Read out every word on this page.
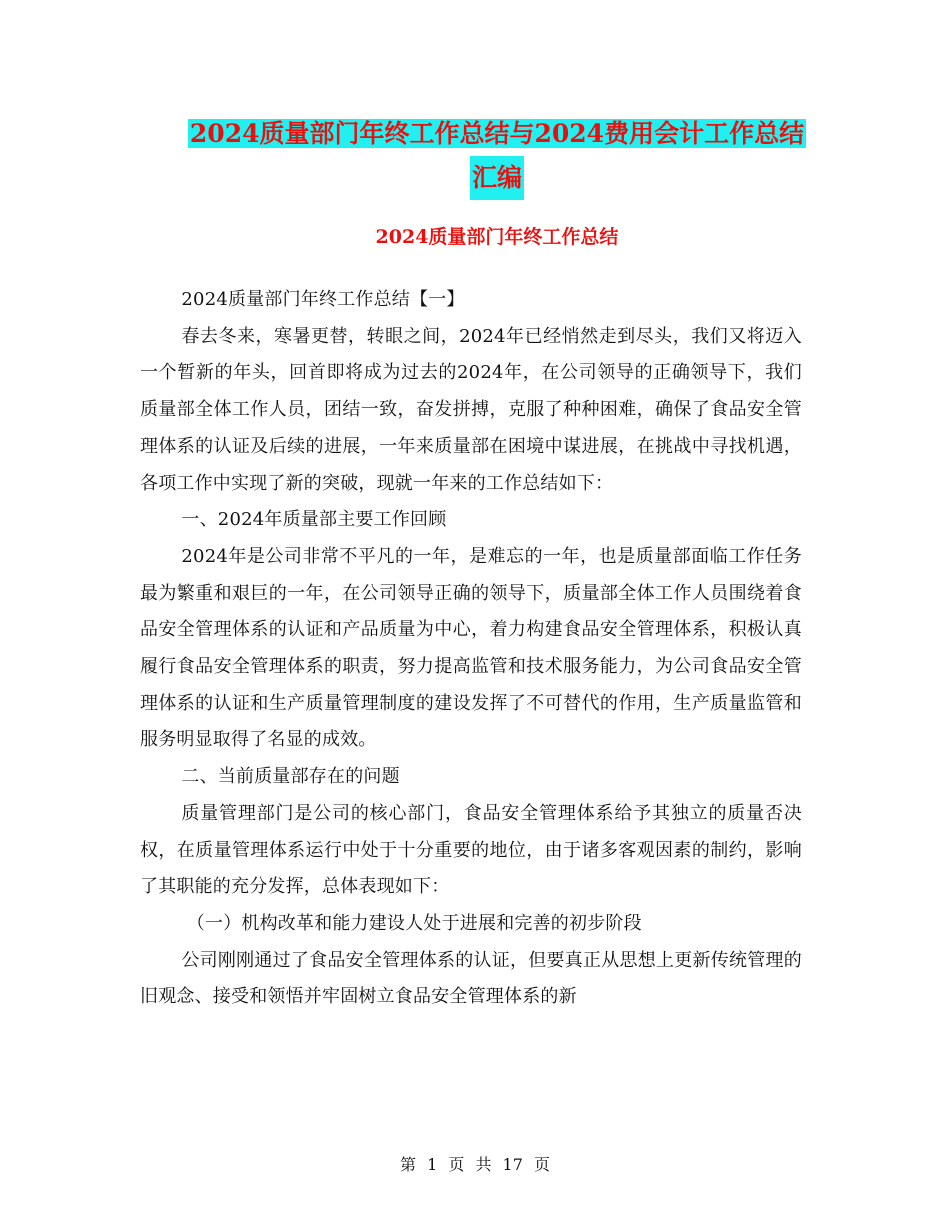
2024质量部门年终工作总结与2024费用会计工作总结
汇编
2024质量部门年终工作总结

2024质量部门年终工作总结【一】

春去冬来，寒暑更替，转眼之间，2024年已经悄然走到尽头，我们又将迈入一个暂新的年头，回首即将成为过去的2024年，在公司领导的正确领导下，我们质量部全体工作人员，团结一致，奋发拼搏，克服了种种困难，确保了食品安全管理体系的认证及后续的进展，一年来质量部在困境中谋进展，在挑战中寻找机遇，各项工作中实现了新的突破，现就一年来的工作总结如下：

一、2024年质量部主要工作回顾

2024年是公司非常不平凡的一年，是难忘的一年，也是质量部面临工作任务最为繁重和艰巨的一年，在公司领导正确的领导下，质量部全体工作人员围绕着食品安全管理体系的认证和产品质量为中心，着力构建食品安全管理体系，积极认真履行食品安全管理体系的职责，努力提高监管和技术服务能力，为公司食品安全管理体系的认证和生产质量管理制度的建设发挥了不可替代的作用，生产质量监管和服务明显取得了名显的成效。

二、当前质量部存在的问题

质量管理部门是公司的核心部门，食品安全管理体系给予其独立的质量否决权，在质量管理体系运行中处于十分重要的地位，由于诸多客观因素的制约，影响了其职能的充分发挥，总体表现如下：

（一）机构改革和能力建设人处于进展和完善的初步阶段

公司刚刚通过了食品安全管理体系的认证，但要真正从思想上更新传统管理的旧观念、接受和领悟并牢固树立食品安全管理体系的新

第 1 页 共 17 页
